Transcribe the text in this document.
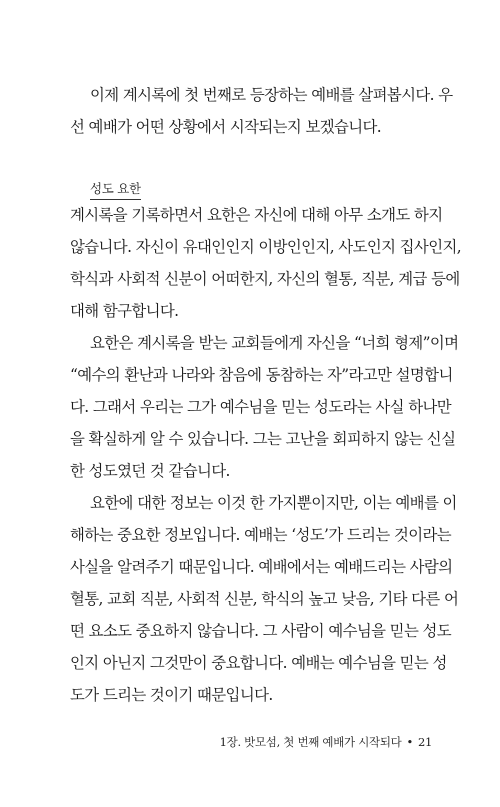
이제 계시록에 첫 번째로 등장하는 예배를 살펴봅시다. 우
선 예배가 어떤 상황에서 시작되는지 보겠습니다.
성도 요한
계시록을 기록하면서 요한은 자신에 대해 아무 소개도 하지
않습니다. 자신이 유대인인지 이방인인지, 사도인지 집사인지,
학식과 사회적 신분이 어떠한지, 자신의 혈통, 직분, 계급 등에
대해 함구합니다.
요한은 계시록을 받는 교회들에게 자신을 “너희 형제”이며
“예수의 환난과 나라와 참음에 동참하는 자”라고만 설명합니
다. 그래서 우리는 그가 예수님을 믿는 성도라는 사실 하나만
을 확실하게 알 수 있습니다. 그는 고난을 회피하지 않는 신실
한 성도였던 것 같습니다.
요한에 대한 정보는 이것 한 가지뿐이지만, 이는 예배를 이
해하는 중요한 정보입니다. 예배는 ‘성도’가 드리는 것이라는
사실을 알려주기 때문입니다. 예배에서는 예배드리는 사람의
혈통, 교회 직분, 사회적 신분, 학식의 높고 낮음, 기타 다른 어
떤 요소도 중요하지 않습니다. 그 사람이 예수님을 믿는 성도
인지 아닌지 그것만이 중요합니다. 예배는 예수님을 믿는 성
도가 드리는 것이기 때문입니다.
1장. 밧모섬, 첫 번째 예배가 시작되다 • 21
